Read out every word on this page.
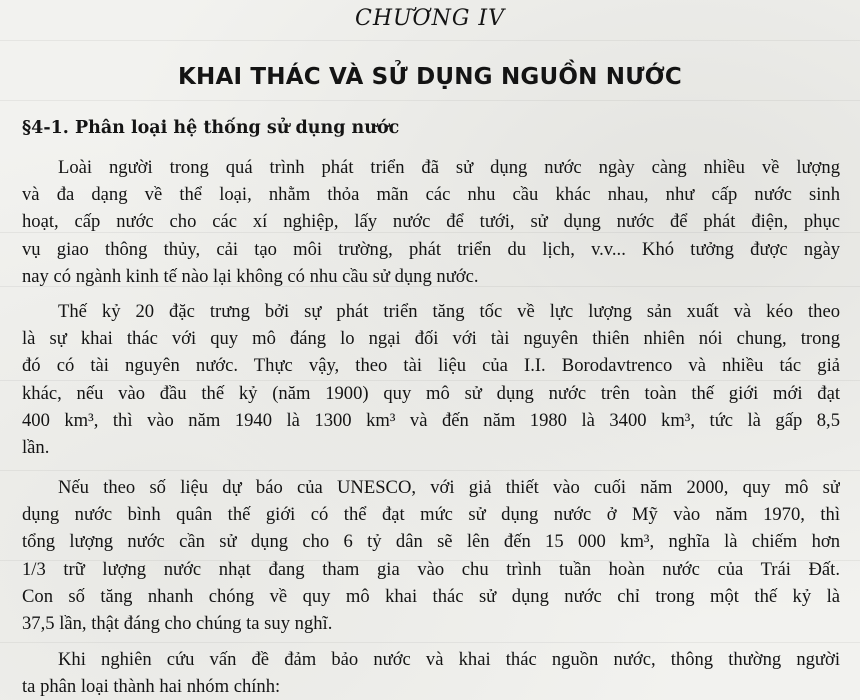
CHƯƠNG IV
KHAI THÁC VÀ SỬ DỤNG NGUỒN NƯỚC
§4-1. Phân loại hệ thống sử dụng nước
Loài người trong quá trình phát triển đã sử dụng nước ngày càng nhiều về lượng
và đa dạng về thể loại, nhằm thỏa mãn các nhu cầu khác nhau, như cấp nước sinh
hoạt, cấp nước cho các xí nghiệp, lấy nước để tưới, sử dụng nước để phát điện, phục
vụ giao thông thủy, cải tạo môi trường, phát triển du lịch, v.v... Khó tưởng được ngày
nay có ngành kinh tế nào lại không có nhu cầu sử dụng nước.
Thế kỷ 20 đặc trưng bởi sự phát triển tăng tốc về lực lượng sản xuất và kéo theo
là sự khai thác với quy mô đáng lo ngại đối với tài nguyên thiên nhiên nói chung, trong
đó có tài nguyên nước. Thực vậy, theo tài liệu của I.I. Borodavtrenco và nhiều tác giả
khác, nếu vào đầu thế kỷ (năm 1900) quy mô sử dụng nước trên toàn thế giới mới đạt
400 km³, thì vào năm 1940 là 1300 km³ và đến năm 1980 là 3400 km³, tức là gấp 8,5
lần.
Nếu theo số liệu dự báo của UNESCO, với giả thiết vào cuối năm 2000, quy mô sử
dụng nước bình quân thế giới có thể đạt mức sử dụng nước ở Mỹ vào năm 1970, thì
tổng lượng nước cần sử dụng cho 6 tỷ dân sẽ lên đến 15 000 km³, nghĩa là chiếm hơn
1/3 trữ lượng nước nhạt đang tham gia vào chu trình tuần hoàn nước của Trái Đất.
Con số tăng nhanh chóng về quy mô khai thác sử dụng nước chỉ trong một thế kỷ là
37,5 lần, thật đáng cho chúng ta suy nghĩ.
Khi nghiên cứu vấn đề đảm bảo nước và khai thác nguồn nước, thông thường người
ta phân loại thành hai nhóm chính:
